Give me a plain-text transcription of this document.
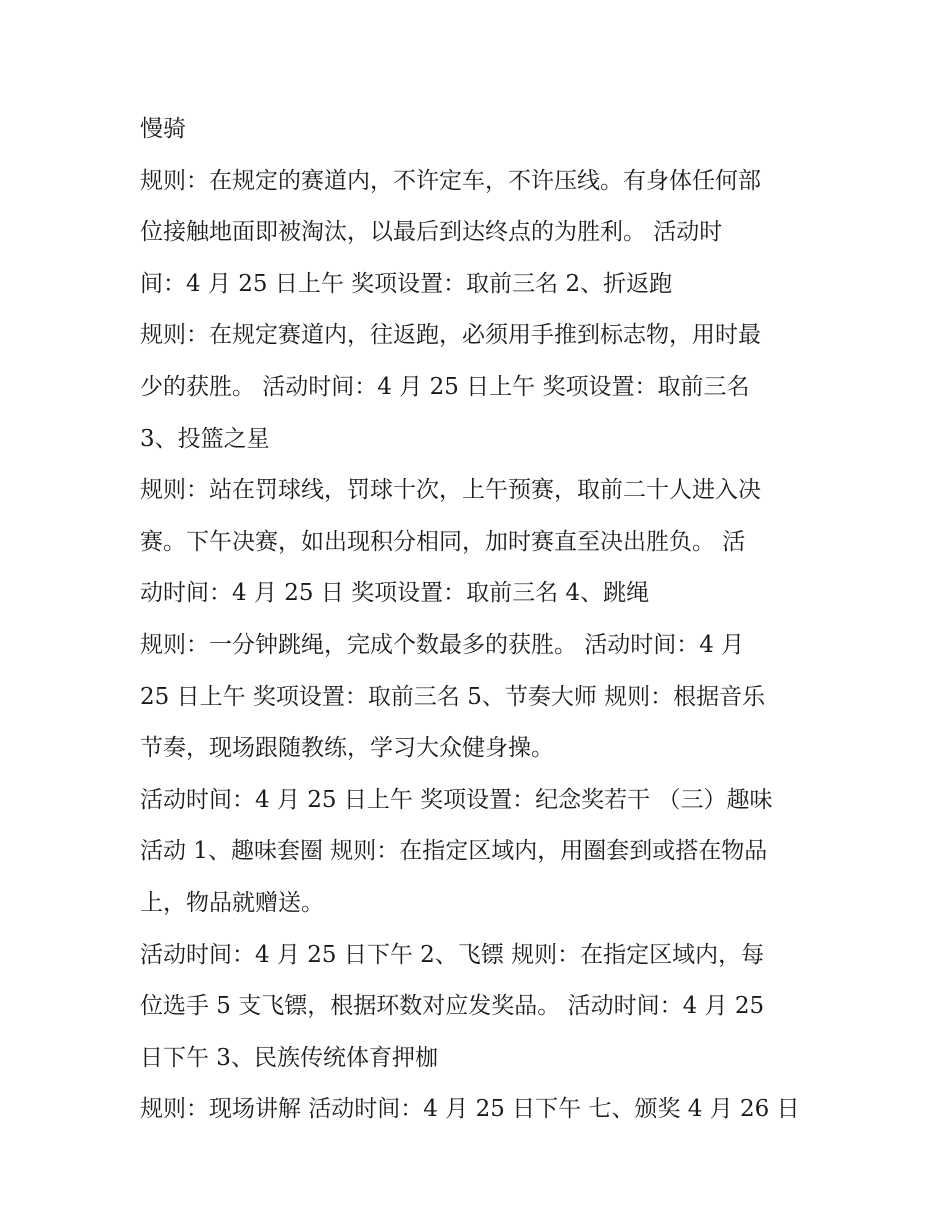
慢骑
规则：在规定的赛道内，不许定车，不许压线。有身体任何部
位接触地面即被淘汰，以最后到达终点的为胜利。 活动时
间：4 月 25 日上午 奖项设置：取前三名 2、折返跑
规则：在规定赛道内，往返跑，必须用手推到标志物，用时最
少的获胜。 活动时间：4 月 25 日上午 奖项设置：取前三名
3、投篮之星
规则：站在罚球线，罚球十次，上午预赛，取前二十人进入决
赛。下午决赛，如出现积分相同，加时赛直至决出胜负。 活
动时间：4 月 25 日 奖项设置：取前三名 4、跳绳
规则：一分钟跳绳，完成个数最多的获胜。 活动时间：4 月
25 日上午 奖项设置：取前三名 5、节奏大师 规则：根据音乐
节奏，现场跟随教练，学习大众健身操。
活动时间：4 月 25 日上午 奖项设置：纪念奖若干 （三）趣味
活动 1、趣味套圈 规则：在指定区域内，用圈套到或搭在物品
上，物品就赠送。
活动时间：4 月 25 日下午 2、飞镖 规则：在指定区域内，每
位选手 5 支飞镖，根据环数对应发奖品。 活动时间：4 月 25
日下午 3、民族传统体育押枷
规则：现场讲解 活动时间：4 月 25 日下午 七、颁奖 4 月 26 日
